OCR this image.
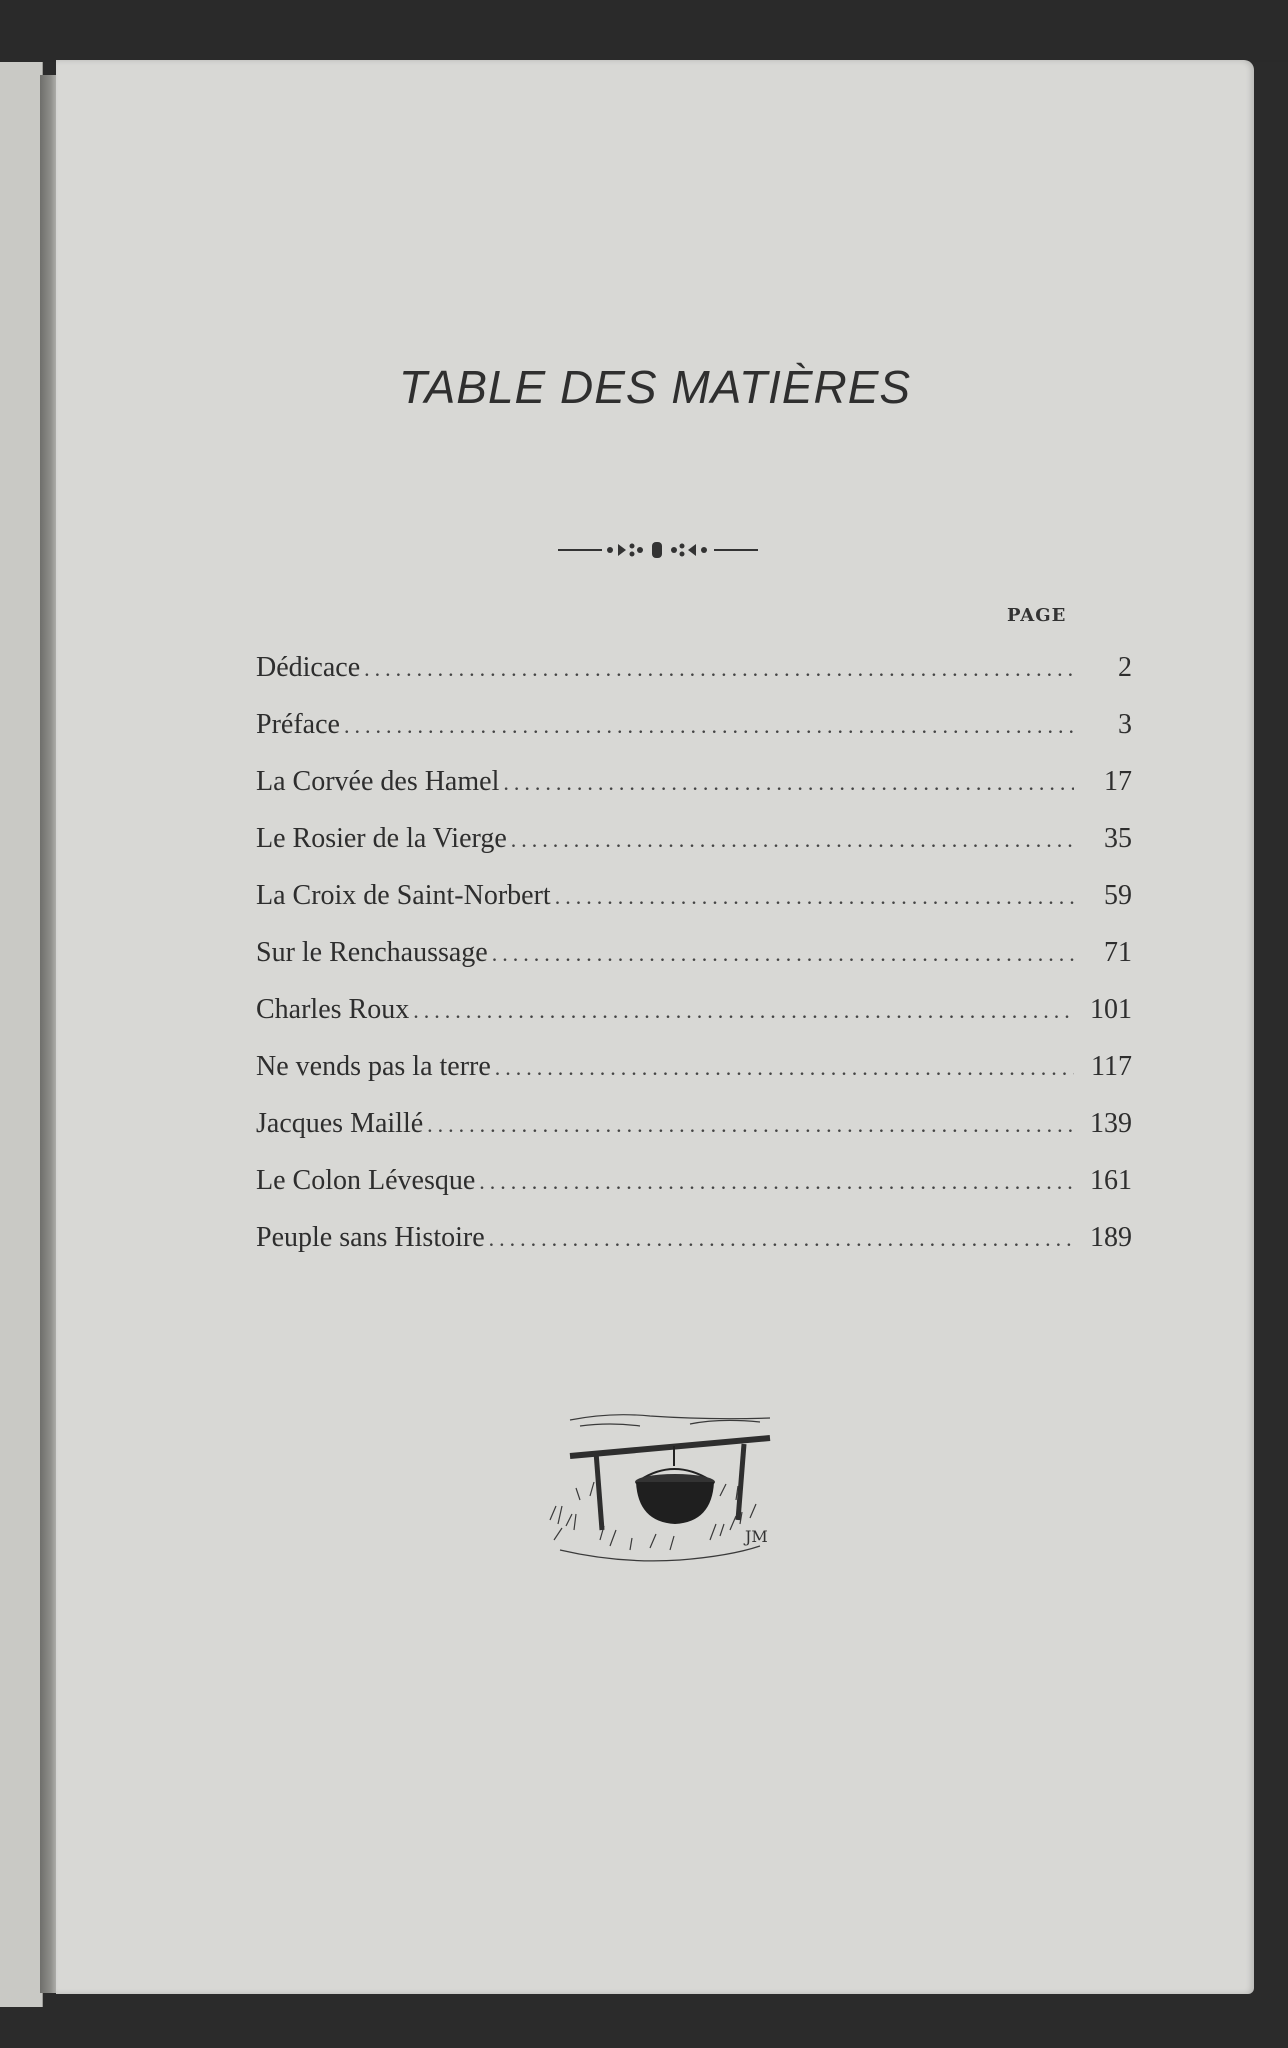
TABLE DES MATIÈRES
PAGE
Dédicace .....	2
Préface .....	3
La Corvée des Hamel .....	17
Le Rosier de la Vierge .....	35
La Croix de Saint-Norbert .....	59
Sur le Renchaussage .....	71
Charles Roux .....	101
Ne vends pas la terre .....	117
Jacques Maillé .....	139
Le Colon Lévesque .....	161
Peuple sans Histoire .....	189
JM
